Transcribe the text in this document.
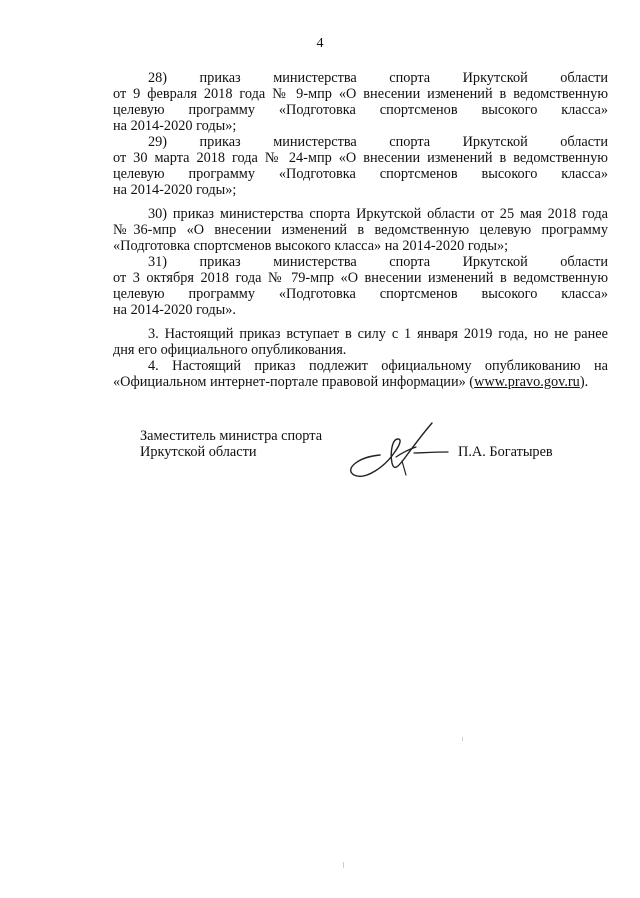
4
28) приказ министерства спорта Иркутской области
от 9 февраля 2018 года № 9-мпр «О внесении изменений в ведомственную
целевую программу «Подготовка спортсменов высокого класса»
на 2014-2020 годы»;
29) приказ министерства спорта Иркутской области
от 30 марта 2018 года № 24-мпр «О внесении изменений в ведомственную
целевую программу «Подготовка спортсменов высокого класса»
на 2014-2020 годы»;
30) приказ министерства спорта Иркутской области от 25 мая 2018 года
№36-мпр «О внесении изменений в ведомственную целевую программу
«Подготовка спортсменов высокого класса» на 2014-2020 годы»;
31) приказ министерства спорта Иркутской области
от 3 октября 2018 года № 79-мпр «О внесении изменений в ведомственную
целевую программу «Подготовка спортсменов высокого класса»
на 2014-2020 годы».
3. Настоящий приказ вступает в силу с 1 января 2019 года, но не ранее
дня его официального опубликования.
4. Настоящий приказ подлежит официальному опубликованию на
«Официальном интернет-портале правовой информации» (www.pravo.gov.ru).
Заместитель министра спорта
Иркутской области	П.А. Богатырев
